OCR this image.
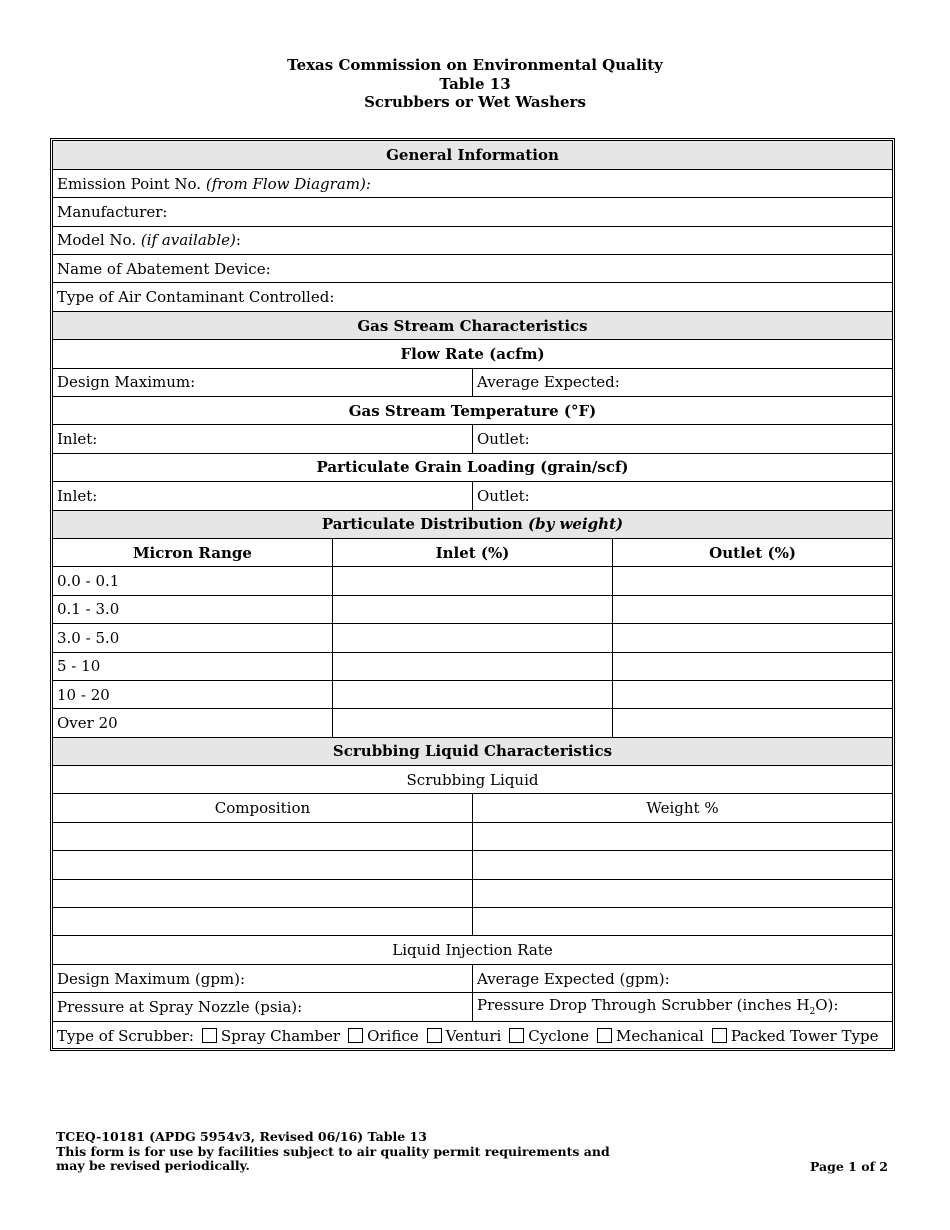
Texas Commission on Environmental Quality
Table 13
Scrubbers or Wet Washers
General Information			
Emission Point No. (from Flow Diagram):			
Manufacturer:			
Model No. (if available):			
Name of Abatement Device:			
Type of Air Contaminant Controlled:			
Gas Stream Characteristics			
Flow Rate (acfm)			
Design Maximum:		Average Expected:	
Gas Stream Temperature (°F)			
Inlet:		Outlet:	
Particulate Grain Loading (grain/scf)			
Inlet:		Outlet:	
Particulate Distribution (by weight)			
Micron Range	Inlet (%)		Outlet (%)
0.0 - 0.1			
0.1 - 3.0			
3.0 - 5.0			
5 - 10			
10 - 20			
Over 20			
Scrubbing Liquid Characteristics			
Scrubbing Liquid			
Composition		Weight %	

Liquid Injection Rate			
Design Maximum (gpm):		Average Expected (gpm):	
Pressure at Spray Nozzle (psia):		Pressure Drop Through Scrubber (inches $H_2O$):	
Type of Scrubber: Spray Chamber Orifice Venturi Cyclone Mechanical Packed Tower Type			
TCEQ-10181 (APDG 5954v3, Revised 06/16) Table 13
This form is for use by facilities subject to air quality permit requirements and
may be revised periodically.	Page 1 of 2
